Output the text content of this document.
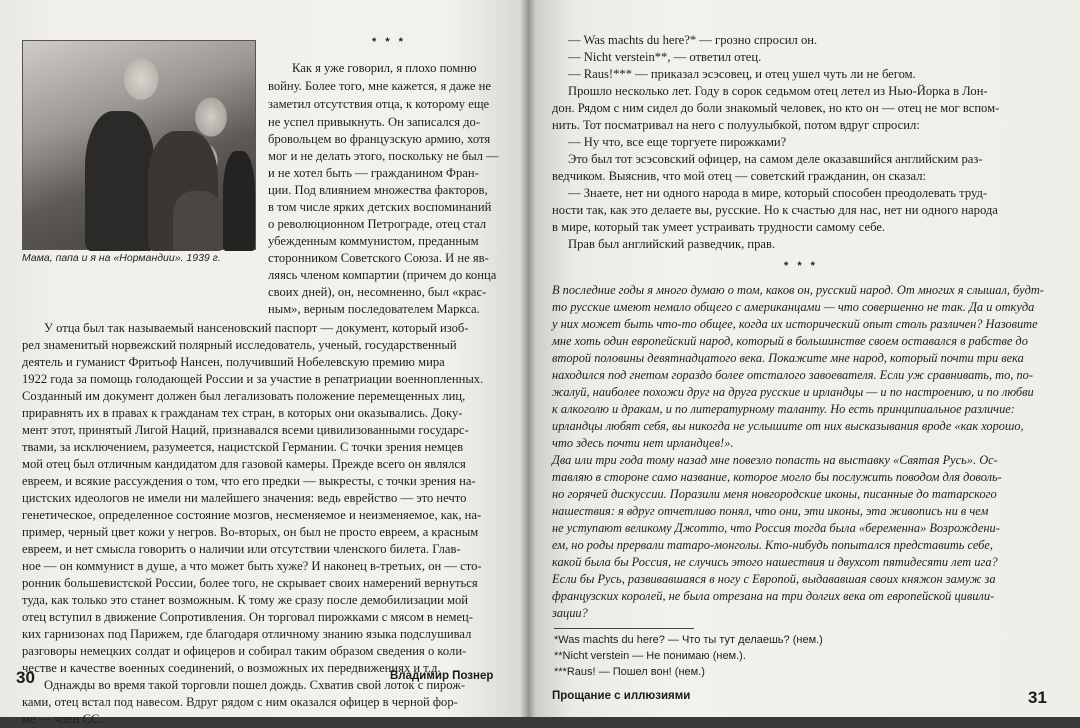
* * *
Мама, папа и я на «Нормандии». 1939 г.
Как я уже говорил, я плохо помню
войну. Более того, мне кажется, я даже не
заметил отсутствия отца, к которому еще
не успел привыкнуть. Он записался до-
бровольцем во французскую армию, хотя
мог и не делать этого, поскольку не был —
и не хотел быть — гражданином Фран-
ции. Под влиянием множества факторов,
в том числе ярких детских воспоминаний
о революционном Петрограде, отец стал
убежденным коммунистом, преданным
сторонником Советского Союза. И не яв-
ляясь членом компартии (причем до конца
своих дней), он, несомненно, был «крас-
ным», верным последователем Маркса.
У отца был так называемый нансеновский паспорт — документ, который изоб-
рел знаменитый норвежский полярный исследователь, ученый, государственный
деятель и гуманист Фритьоф Нансен, получивший Нобелевскую премию мира
1922 года за помощь голодающей России и за участие в репатриации военнопленных.
Созданный им документ должен был легализовать положение перемещенных лиц,
приравнять их в правах к гражданам тех стран, в которых они оказывались. Доку-
мент этот, принятый Лигой Наций, признавался всеми цивилизованными государс-
твами, за исключением, разумеется, нацистской Германии. С точки зрения немцев
мой отец был отличным кандидатом для газовой камеры. Прежде всего он являлся
евреем, и всякие рассуждения о том, что его предки — выкресты, с точки зрения на-
цистских идеологов не имели ни малейшего значения: ведь еврейство — это нечто
генетическое, определенное состояние мозгов, несменяемое и неизменяемое, как, на-
пример, черный цвет кожи у негров. Во-вторых, он был не просто евреем, а красным
евреем, и нет смысла говорить о наличии или отсутствии членского билета. Глав-
ное — он коммунист в душе, а что может быть хуже? И наконец в-третьих, он — сто-
ронник большевистской России, более того, не скрывает своих намерений вернуться
туда, как только это станет возможным. К тому же сразу после демобилизации мой
отец вступил в движение Сопротивления. Он торговал пирожками с мясом в немец-
ких гарнизонах под Парижем, где благодаря отличному знанию языка подслушивал
разговоры немецких солдат и офицеров и собирал таким образом сведения о коли-
честве и качестве военных соединений, о возможных их передвижениях и т.д.
Однажды во время такой торговли пошел дождь. Схватив свой лоток с пирож-
ками, отец встал под навесом. Вдруг рядом с ним оказался офицер в черной фор-
ме — член СС.
— Was machts du here?* — грозно спросил он.
— Nicht verstein**, — ответил отец.
— Raus!*** — приказал эсэсовец, и отец ушел чуть ли не бегом.
Прошло несколько лет. Году в сорок седьмом отец летел из Нью-Йорка в Лон-
дон. Рядом с ним сидел до боли знакомый человек, но кто он — отец не мог вспом-
нить. Тот посматривал на него с полуулыбкой, потом вдруг спросил:
— Ну что, все еще торгуете пирожками?
Это был тот эсэсовский офицер, на самом деле оказавшийся английским раз-
ведчиком. Выяснив, что мой отец — советский гражданин, он сказал:
— Знаете, нет ни одного народа в мире, который способен преодолевать труд-
ности так, как это делаете вы, русские. Но к счастью для нас, нет ни одного народа
в мире, который так умеет устраивать трудности самому себе.
Прав был английский разведчик, прав.
* * *
В последние годы я много думаю о том, каков он, русский народ. От многих я слышал, будт-
то русские имеют немало общего с американцами — что совершенно не так. Да и откуда
у них может быть что-то общее, когда их исторический опыт столь различен? Назовите
мне хоть один европейский народ, который в большинстве своем оставался в рабстве до
второй половины девятнадцатого века. Покажите мне народ, который почти три века
находился под гнетом гораздо более отсталого завоевателя. Если уж сравнивать, то, по-
жалуй, наиболее похожи друг на друга русские и ирландцы — и по настроению, и по любви
к алкоголю и дракам, и по литературному таланту. Но есть принципиальное различие:
ирландцы любят себя, вы никогда не услышите от них высказывания вроде «как хорошо,
что здесь почти нет ирландцев!».
Два или три года тому назад мне повезло попасть на выставку «Святая Русь». Ос-
тавляю в стороне само название, которое могло бы послужить поводом для доволь-
но горячей дискуссии. Поразили меня новгородские иконы, писанные до татарского
нашествия: я вдруг отчетливо понял, что они, эти иконы, эта живопись ни в чем
не уступают великому Джотто, что Россия тогда была «беременна» Возрождени-
ем, но роды прервали татаро-монголы. Кто-нибудь попытался представить себе,
какой была бы Россия, не случись этого нашествия и двухсот пятидесяти лет ига?
Если бы Русь, развивавшаяся в ногу с Европой, выдававшая своих княжон замуж за
французских королей, не была отрезана на три долгих века от европейской цивили-
зации?
*Was machts du here? — Что ты тут делаешь? (нем.)
**Nicht verstein — Не понимаю (нем.).
***Raus! — Пошел вон! (нем.)
Прощание с иллюзиями	31
30	Владимир Познер
